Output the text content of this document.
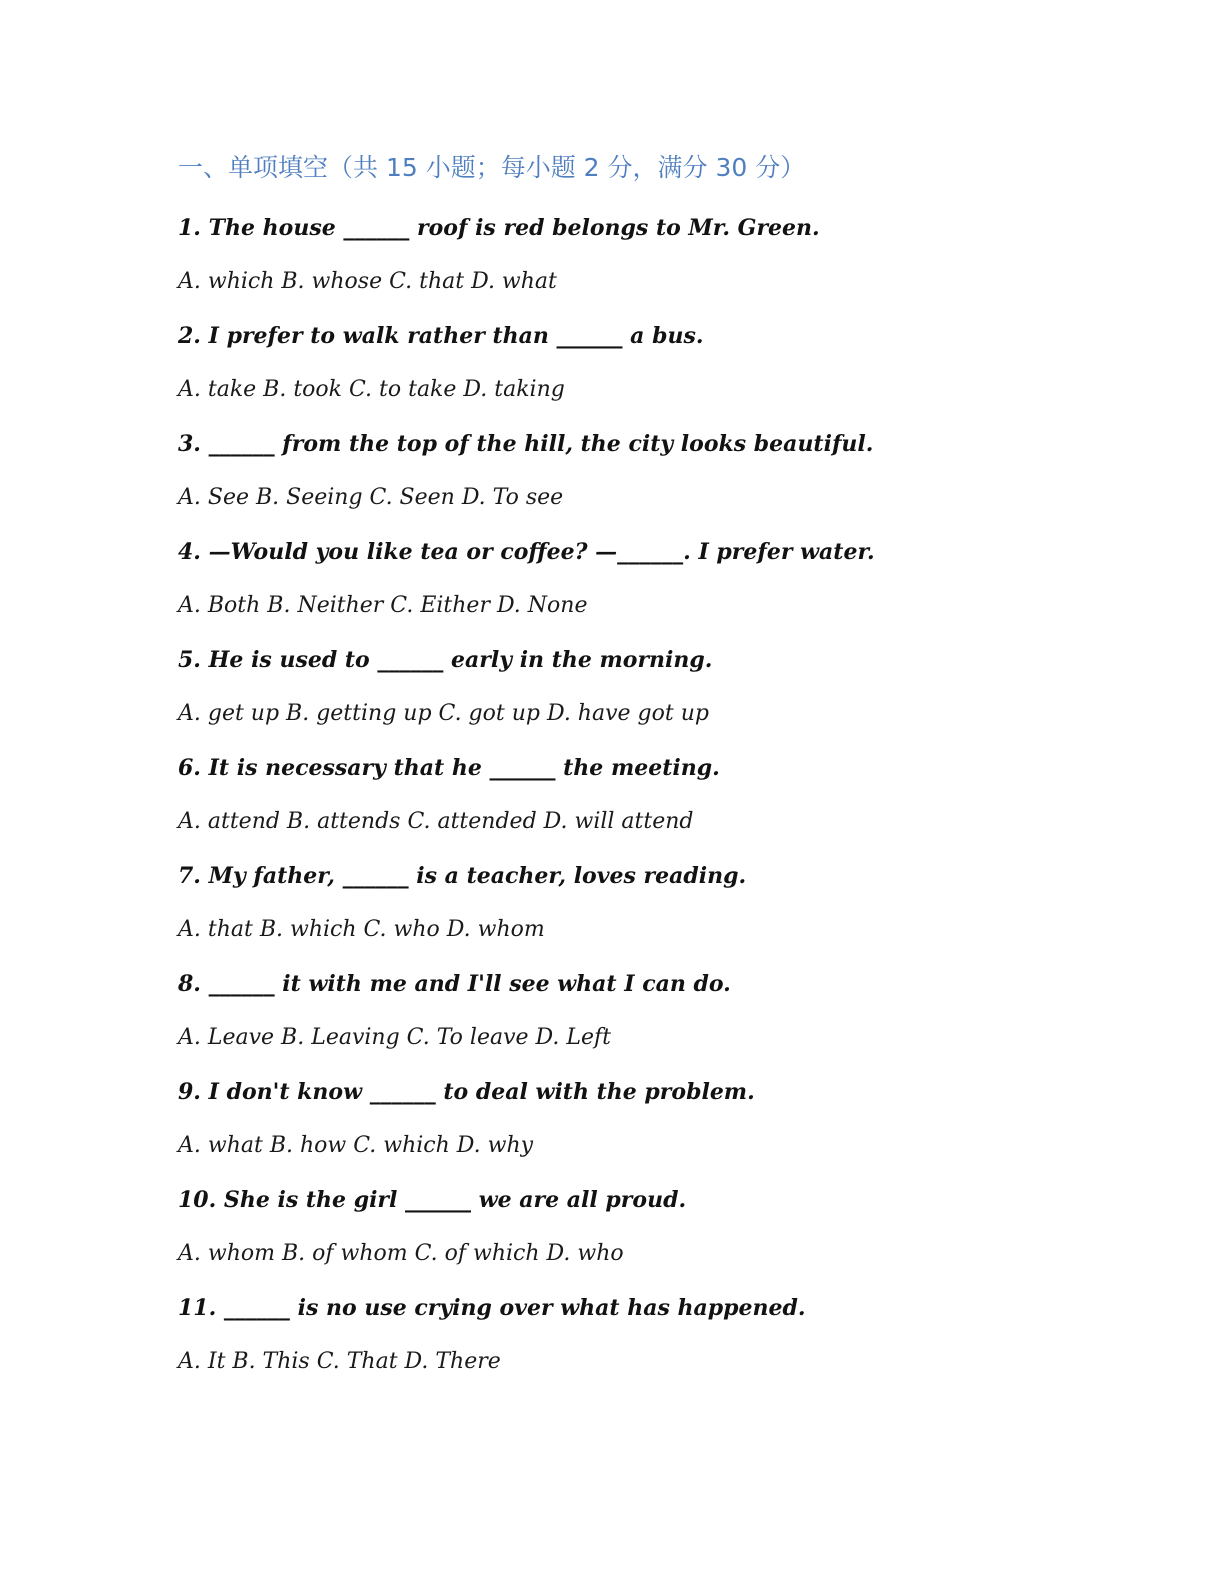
一、单项填空（共 15 小题；每小题 2 分，满分 30 分）
1. The house ______ roof is red belongs to Mr. Green.
A. which B. whose C. that D. what
2. I prefer to walk rather than ______ a bus.
A. take B. took C. to take D. taking
3. ______ from the top of the hill, the city looks beautiful.
A. See B. Seeing C. Seen D. To see
4. —Would you like tea or coffee? —______. I prefer water.
A. Both B. Neither C. Either D. None
5. He is used to ______ early in the morning.
A. get up B. getting up C. got up D. have got up
6. It is necessary that he ______ the meeting.
A. attend B. attends C. attended D. will attend
7. My father, ______ is a teacher, loves reading.
A. that B. which C. who D. whom
8. ______ it with me and I'll see what I can do.
A. Leave B. Leaving C. To leave D. Left
9. I don't know ______ to deal with the problem.
A. what B. how C. which D. why
10. She is the girl ______ we are all proud.
A. whom B. of whom C. of which D. who
11. ______ is no use crying over what has happened.
A. It B. This C. That D. There
